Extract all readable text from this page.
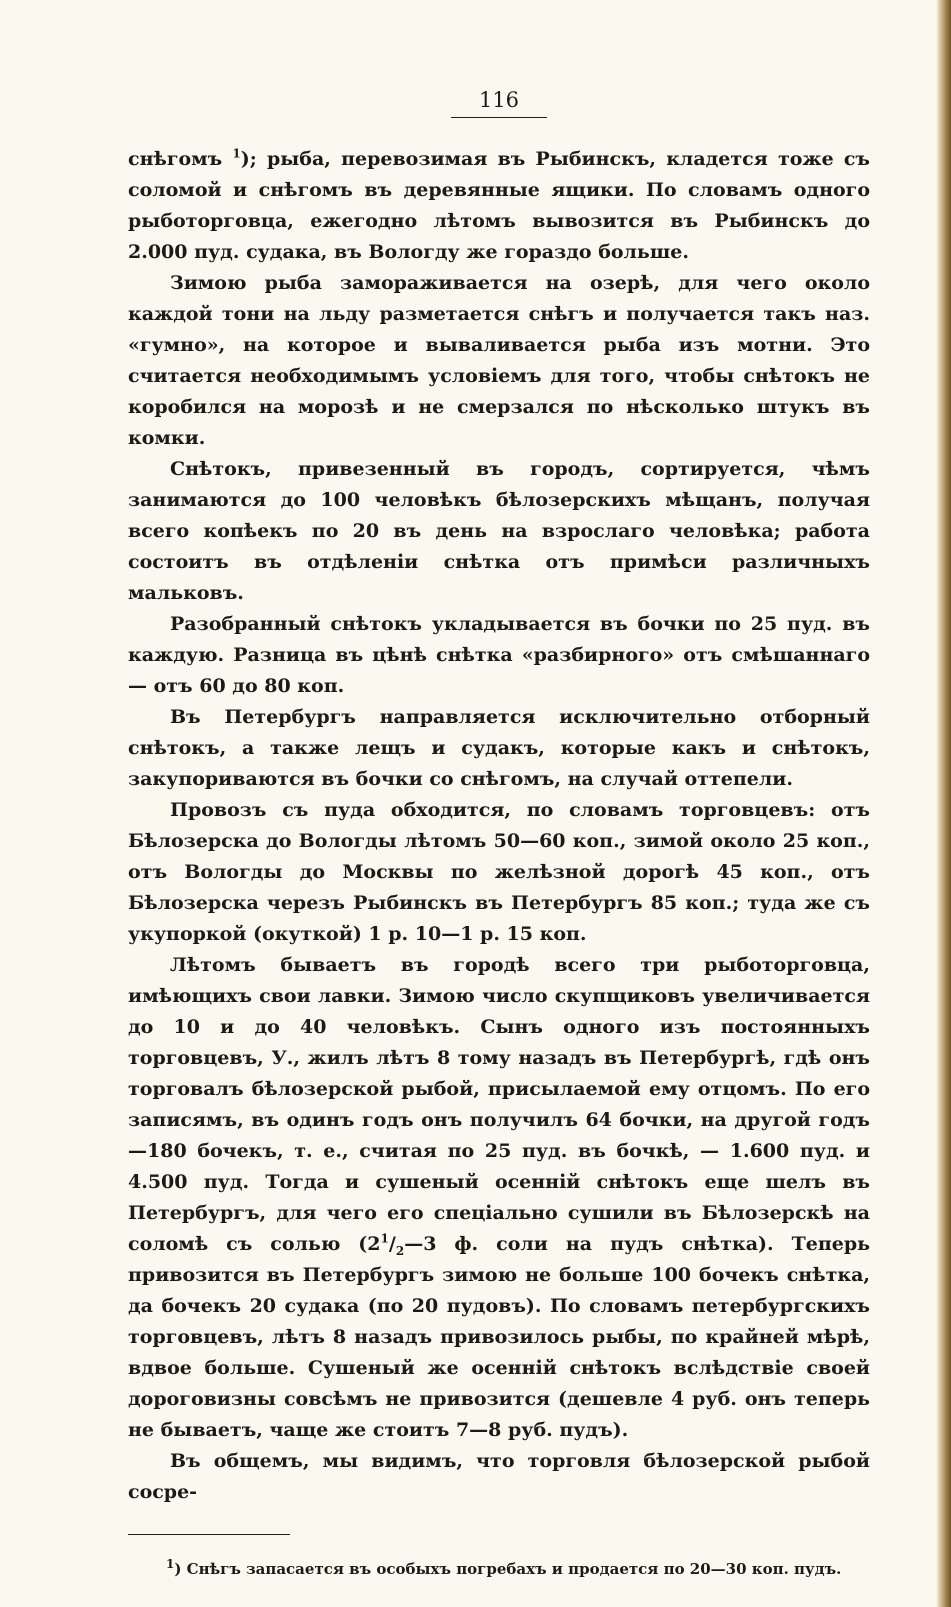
116

снѣгомъ $^1$); рыба, перевозимая въ Рыбинскъ, кладется тоже съ соломой и снѣгомъ въ деревянные ящики. По словамъ одного рыботорговца, ежегодно лѣтомъ вывозится въ Рыбинскъ до 2.000 пуд. судака, въ Вологду же гораздо больше.

Зимою рыба замораживается на озерѣ, для чего около каждой тони на льду разметается снѣгъ и получается такъ наз. «гумно», на которое и вываливается рыба изъ мотни. Это считается необходимымъ условіемъ для того, чтобы снѣтокъ не коробился на морозѣ и не смерзался по нѣсколько штукъ въ комки.

Снѣтокъ, привезенный въ городъ, сортируется, чѣмъ занимаются до 100 человѣкъ бѣлозерскихъ мѣщанъ, получая всего копѣекъ по 20 въ день на взрослаго человѣка; работа состоитъ въ отдѣленіи снѣтка отъ примѣси различныхъ мальковъ.

Разобранный снѣтокъ укладывается въ бочки по 25 пуд. въ каждую. Разница въ цѣнѣ снѣтка «разбирного» отъ смѣшаннаго— отъ 60 до 80 коп.

Въ Петербургъ направляется исключительно отборный снѣтокъ, а также лещъ и судакъ, которые какъ и снѣтокъ, закупориваются въ бочки со снѣгомъ, на случай оттепели.

Провозъ съ пуда обходится, по словамъ торговцевъ: отъ Бѣлозерска до Вологды лѣтомъ 50—60 коп., зимой около 25 коп., отъ Вологды до Москвы по желѣзной дорогѣ 45 коп., отъ Бѣлозерска черезъ Рыбинскъ въ Петербургъ 85 коп.; туда же съ укупоркой (окуткой) 1 р. 10—1 р. 15 коп.

Лѣтомъ бываетъ въ городѣ всего три рыботорговца, имѣющихъ свои лавки. Зимою число скупщиковъ увеличивается до 10 и до 40 человѣкъ. Сынъ одного изъ постоянныхъ торговцевъ, У., жилъ лѣтъ 8 тому назадъ въ Петербургѣ, гдѣ онъ торговалъ бѣлозерской рыбой, присылаемой ему отцомъ. По его записямъ, въ одинъ годъ онъ получилъ 64 бочки, на другой годъ—180 бочекъ, т. е., считая по 25 пуд. въ бочкѣ, — 1.600 пуд. и 4.500 пуд. Тогда и сушеный осенній снѣтокъ еще шелъ въ Петербургъ, для чего его спеціально сушили въ Бѣлозерскѣ на соломѣ съ солью ($2^1/_2—3$ ф. соли на пудъ снѣтка). Теперь привозится въ Петербургъ зимою не больше 100 бочекъ снѣтка, да бочекъ 20 судака (по 20 пудовъ). По словамъ петербургскихъ торговцевъ, лѣтъ 8 назадъ привозилось рыбы, по крайней мѣрѣ, вдвое больше. Сушеный же осенній снѣтокъ вслѣдствіе своей дороговизны совсѣмъ не привозится (дешевле 4 руб. онъ теперь не бываетъ, чаще же стоитъ 7—8 руб. пудъ).

Въ общемъ, мы видимъ, что торговля бѣлозерской рыбой сосре-

$^1$) Снѣгъ запасается въ особыхъ погребахъ и продается по 20—30 коп. пудъ.
